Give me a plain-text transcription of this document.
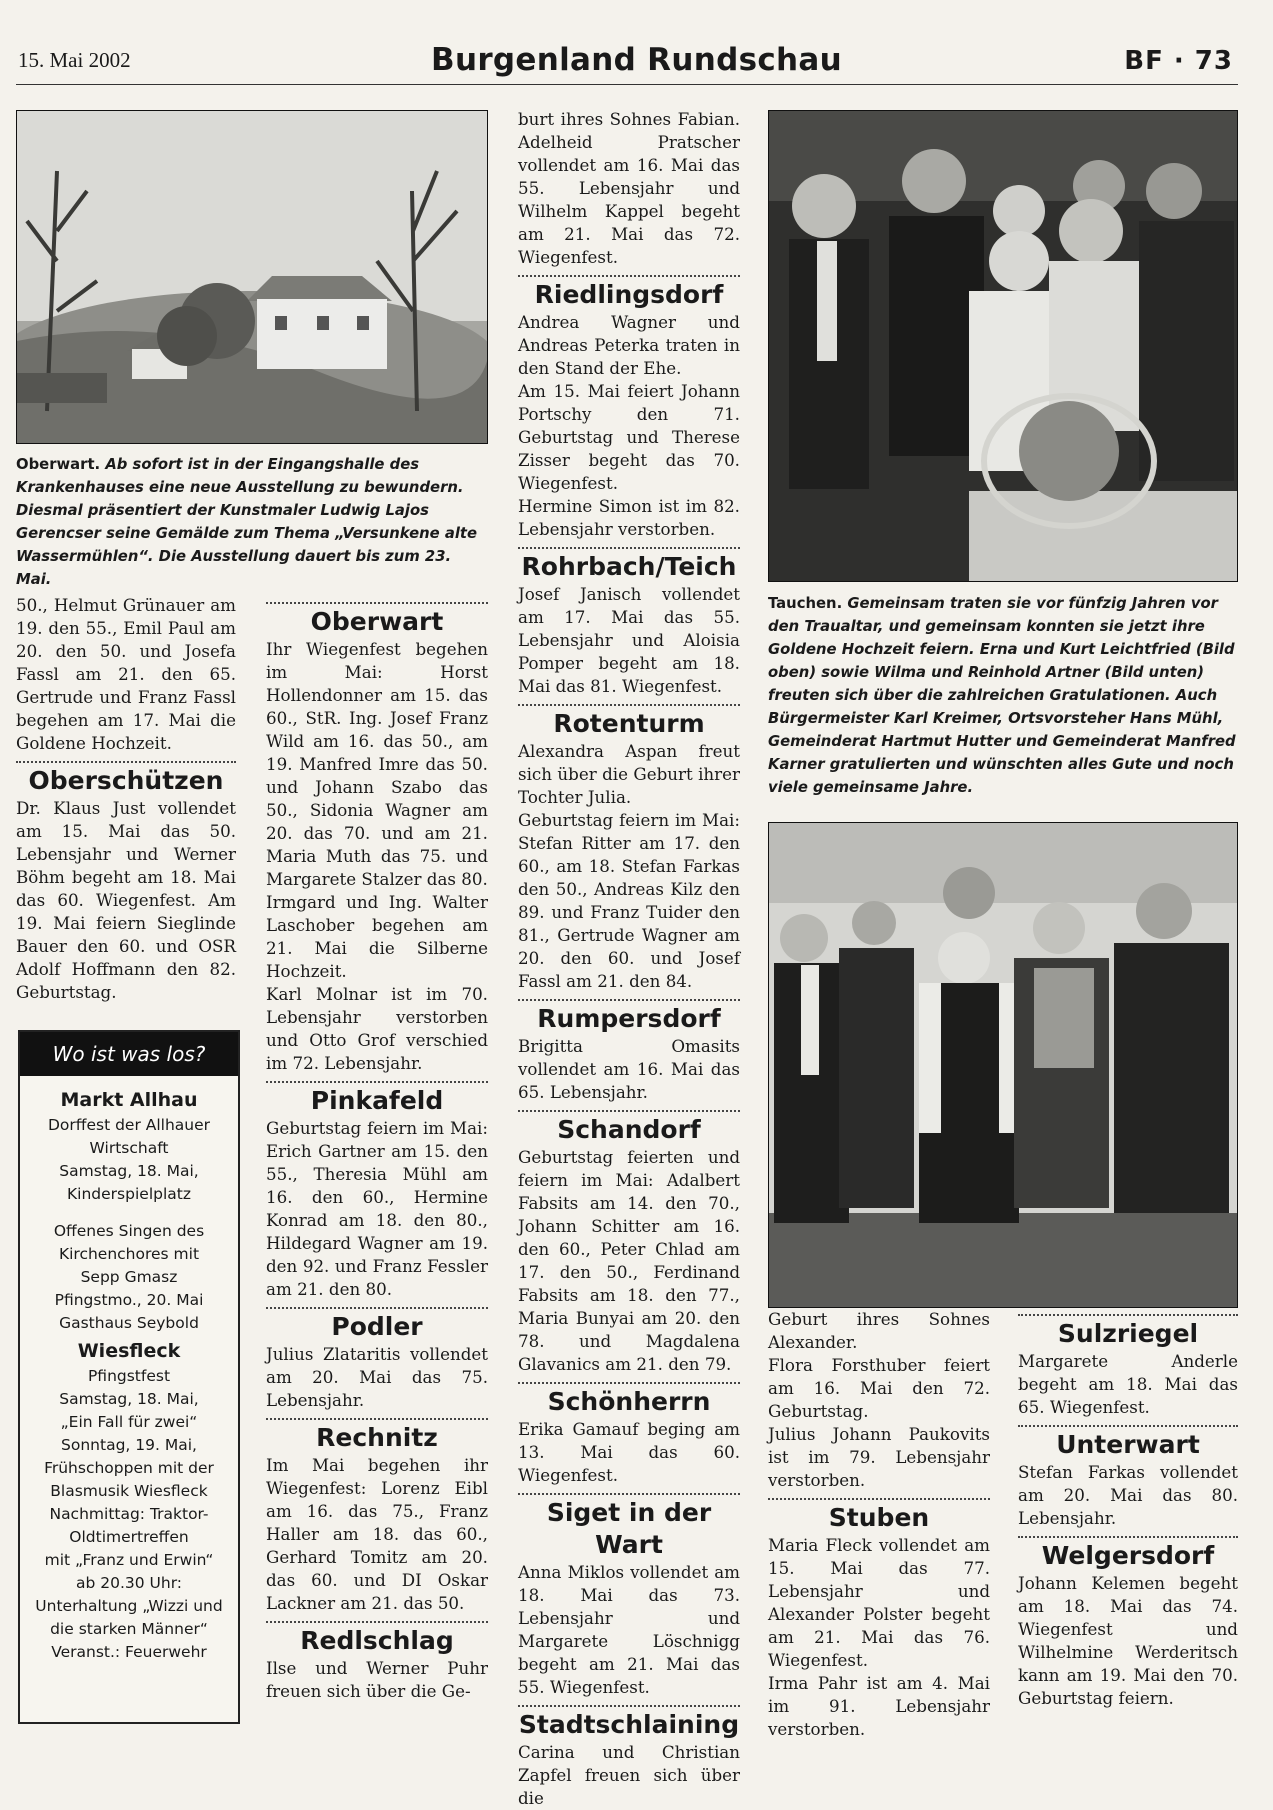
15. Mai 2002	Burgenland Rundschau	BF · 73
Oberwart. Ab sofort ist in der Eingangshalle des Krankenhauses eine neue Ausstellung zu bewundern. Diesmal präsentiert der Kunstmaler Ludwig Lajos Gerencser seine Gemälde zum Thema „Versunkene alte Wassermühlen“. Die Ausstellung dauert bis zum 23. Mai.

50., Helmut Grünauer am 19. den 55., Emil Paul am 20. den 50. und Josefa Fassl am 21. den 65. Gertrude und Franz Fassl begehen am 17. Mai die Goldene Hochzeit.

Oberschützen

Dr. Klaus Just vollendet am 15. Mai das 50. Lebensjahr und Werner Böhm begeht am 18. Mai das 60. Wiegenfest. Am 19. Mai feiern Sieglinde Bauer den 60. und OSR Adolf Hoffmann den 82. Geburtstag.

Wo ist was los?
Markt Allhau
Dorffest der Allhauer
Wirtschaft
Samstag, 18. Mai,
Kinderspielplatz
Offenes Singen des
Kirchenchores mit
Sepp Gmasz
Pfingstmo., 20. Mai
Gasthaus Seybold
Wiesfleck
Pfingstfest
Samstag, 18. Mai,
„Ein Fall für zwei“
Sonntag, 19. Mai,
Frühschoppen mit der
Blasmusik Wiesfleck
Nachmittag: Traktor-
Oldtimertreffen
mit „Franz und Erwin“
ab 20.30 Uhr:
Unterhaltung „Wizzi und
die starken Männer“
Veranst.: Feuerwehr
Oberwart

Ihr Wiegenfest begehen im Mai: Horst Hollendonner am 15. das 60., StR. Ing. Josef Franz Wild am 16. das 50., am 19. Manfred Imre das 50. und Johann Szabo das 50., Sidonia Wagner am 20. das 70. und am 21. Maria Muth das 75. und Margarete Stalzer das 80.

Irmgard und Ing. Walter Laschober begehen am 21. Mai die Silberne Hochzeit.

Karl Molnar ist im 70. Lebensjahr verstorben und Otto Grof verschied im 72. Lebensjahr.

Pinkafeld

Geburtstag feiern im Mai: Erich Gartner am 15. den 55., Theresia Mühl am 16. den 60., Hermine Konrad am 18. den 80., Hildegard Wagner am 19. den 92. und Franz Fessler am 21. den 80.

Podler

Julius Zlataritis vollendet am 20. Mai das 75. Lebensjahr.

Rechnitz

Im Mai begehen ihr Wiegenfest: Lorenz Eibl am 16. das 75., Franz Haller am 18. das 60., Gerhard Tomitz am 20. das 60. und DI Oskar Lackner am 21. das 50.

Redlschlag

Ilse und Werner Puhr freuen sich über die Ge-

burt ihres Sohnes Fabian. Adelheid Pratscher vollendet am 16. Mai das 55. Lebensjahr und Wilhelm Kappel begeht am 21. Mai das 72. Wiegenfest.

Riedlingsdorf

Andrea Wagner und Andreas Peterka traten in den Stand der Ehe.

Am 15. Mai feiert Johann Portschy den 71. Geburtstag und Therese Zisser begeht das 70. Wiegenfest.

Hermine Simon ist im 82. Lebensjahr verstorben.

Rohrbach/Teich

Josef Janisch vollendet am 17. Mai das 55. Lebensjahr und Aloisia Pomper begeht am 18. Mai das 81. Wiegenfest.

Rotenturm

Alexandra Aspan freut sich über die Geburt ihrer Tochter Julia.

Geburtstag feiern im Mai: Stefan Ritter am 17. den 60., am 18. Stefan Farkas den 50., Andreas Kilz den 89. und Franz Tuider den 81., Gertrude Wagner am 20. den 60. und Josef Fassl am 21. den 84.

Rumpersdorf

Brigitta Omasits vollendet am 16. Mai das 65. Lebensjahr.

Schandorf

Geburtstag feierten und feiern im Mai: Adalbert Fabsits am 14. den 70., Johann Schitter am 16. den 60., Peter Chlad am 17. den 50., Ferdinand Fabsits am 18. den 77., Maria Bunyai am 20. den 78. und Magdalena Glavanics am 21. den 79.

Schönherrn

Erika Gamauf beging am 13. Mai das 60. Wiegenfest.

Siget in der Wart

Anna Miklos vollendet am 18. Mai das 73. Lebensjahr und Margarete Löschnigg begeht am 21. Mai das 55. Wiegenfest.

Stadtschlaining

Carina und Christian Zapfel freuen sich über die

Tauchen. Gemeinsam traten sie vor fünfzig Jahren vor den Traualtar, und gemeinsam konnten sie jetzt ihre Goldene Hochzeit feiern. Erna und Kurt Leichtfried (Bild oben) sowie Wilma und Reinhold Artner (Bild unten) freuten sich über die zahlreichen Gratulationen. Auch Bürgermeister Karl Kreimer, Ortsvorsteher Hans Mühl, Gemeinderat Hartmut Hutter und Gemeinderat Manfred Karner gratulierten und wünschten alles Gute und noch viele gemeinsame Jahre.

Geburt ihres Sohnes Alexander.

Flora Forsthuber feiert am 16. Mai den 72. Geburtstag.

Julius Johann Paukovits ist im 79. Lebensjahr verstorben.

Stuben

Maria Fleck vollendet am 15. Mai das 77. Lebensjahr und Alexander Polster begeht am 21. Mai das 76. Wiegenfest.

Irma Pahr ist am 4. Mai im 91. Lebensjahr verstorben.

Sulzriegel

Margarete Anderle begeht am 18. Mai das 65. Wiegenfest.

Unterwart

Stefan Farkas vollendet am 20. Mai das 80. Lebensjahr.

Welgersdorf

Johann Kelemen begeht am 18. Mai das 74. Wiegenfest und Wilhelmine Werderitsch kann am 19. Mai den 70. Geburtstag feiern.
